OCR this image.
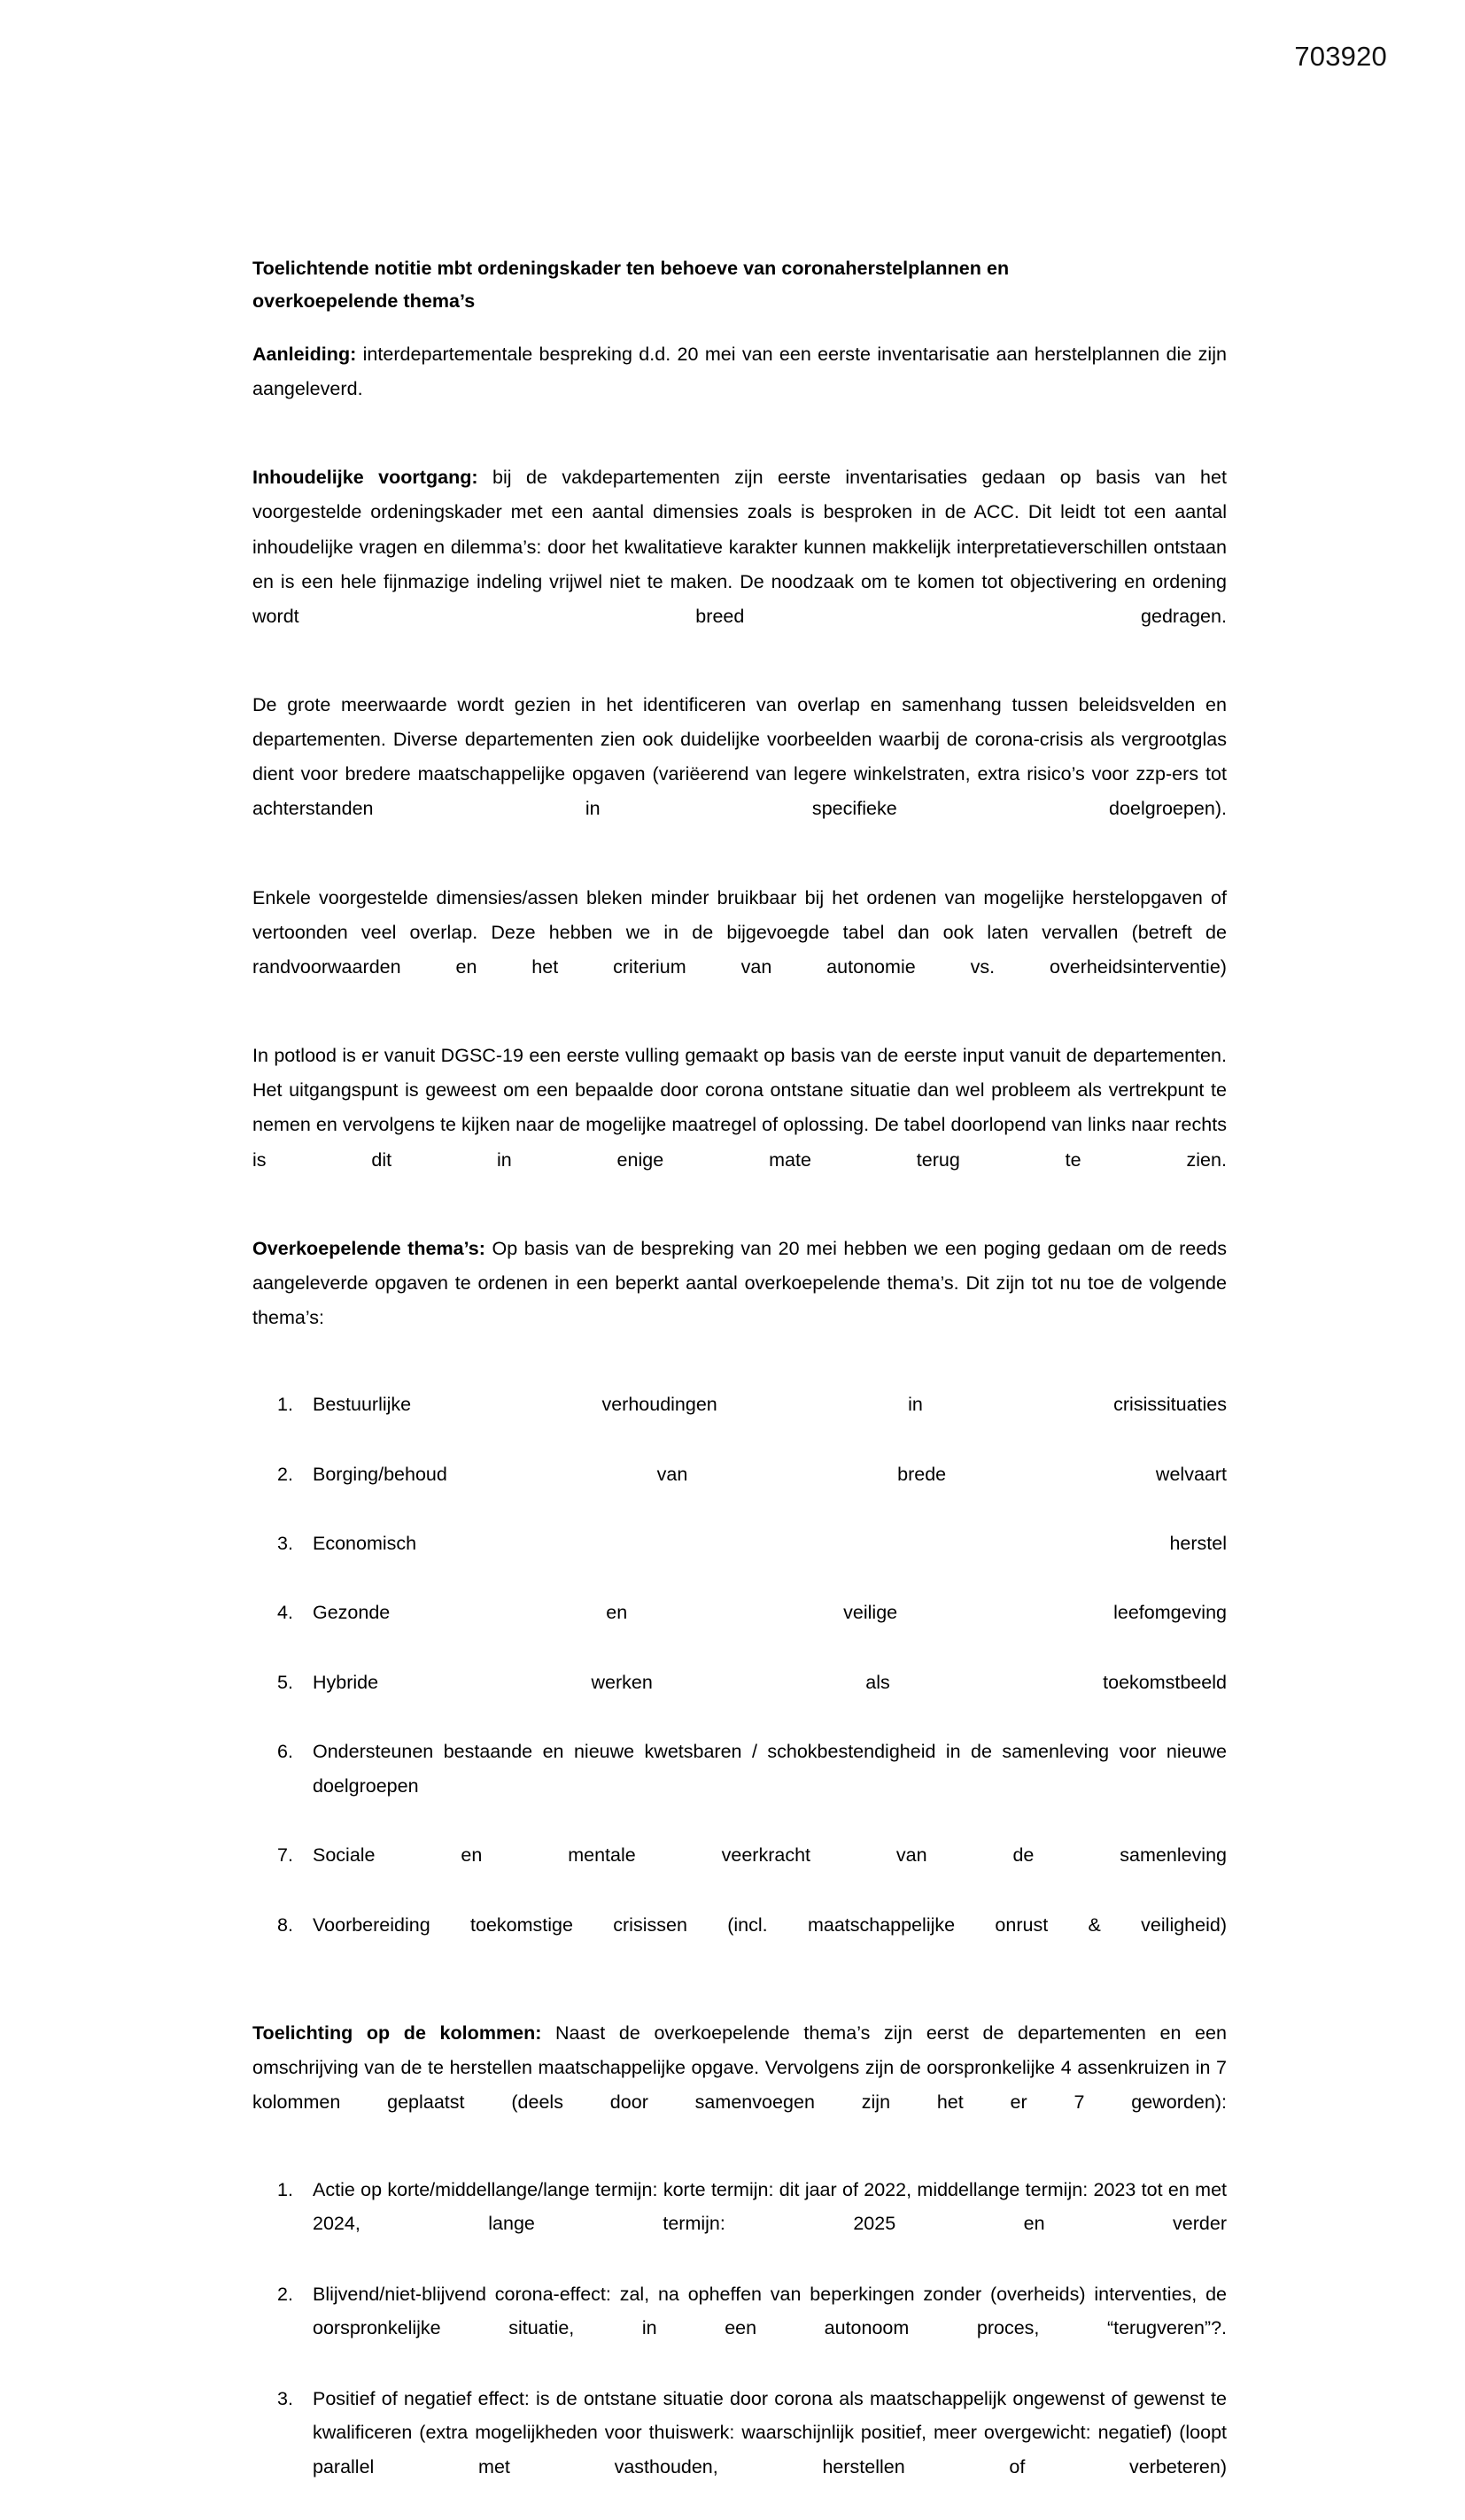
703920
Toelichtende notitie mbt ordeningskader ten behoeve van coronaherstelplannen en
overkoepelende thema’s

Aanleiding: interdepartementale bespreking d.d. 20 mei van een eerste inventarisatie aan herstelplannen die zijn aangeleverd.

Inhoudelijke voortgang: bij de vakdepartementen zijn eerste inventarisaties gedaan op basis van het voorgestelde ordeningskader met een aantal dimensies zoals is besproken in de ACC. Dit leidt tot een aantal inhoudelijke vragen en dilemma’s: door het kwalitatieve karakter kunnen makkelijk interpretatieverschillen ontstaan en is een hele fijnmazige indeling vrijwel niet te maken. De noodzaak om te komen tot objectivering en ordening wordt breed gedragen.

De grote meerwaarde wordt gezien in het identificeren van overlap en samenhang tussen beleidsvelden en departementen. Diverse departementen zien ook duidelijke voorbeelden waarbij de corona-crisis als vergrootglas dient voor bredere maatschappelijke opgaven (variëerend van legere winkelstraten, extra risico’s voor zzp-ers tot achterstanden in specifieke doelgroepen).

Enkele voorgestelde dimensies/assen bleken minder bruikbaar bij het ordenen van mogelijke herstelopgaven of vertoonden veel overlap. Deze hebben we in de bijgevoegde tabel dan ook laten vervallen (betreft de randvoorwaarden en het criterium van autonomie vs. overheidsinterventie)

In potlood is er vanuit DGSC-19 een eerste vulling gemaakt op basis van de eerste input vanuit de departementen. Het uitgangspunt is geweest om een bepaalde door corona ontstane situatie dan wel probleem als vertrekpunt te nemen en vervolgens te kijken naar de mogelijke maatregel of oplossing. De tabel doorlopend van links naar rechts is dit in enige mate terug te zien.

Overkoepelende thema’s: Op basis van de bespreking van 20 mei hebben we een poging gedaan om de reeds aangeleverde opgaven te ordenen in een beperkt aantal overkoepelende thema’s. Dit zijn tot nu toe de volgende thema’s:

Bestuurlijke verhoudingen in crisissituaties
Borging/behoud van brede welvaart
Economisch herstel
Gezonde en veilige leefomgeving
Hybride werken als toekomstbeeld
Ondersteunen bestaande en nieuwe kwetsbaren / schokbestendigheid in de samenleving voor nieuwe doelgroepen
Sociale en mentale veerkracht van de samenleving
Voorbereiding toekomstige crisissen (incl. maatschappelijke onrust & veiligheid)

Toelichting op de kolommen: Naast de overkoepelende thema’s zijn eerst de departementen en een omschrijving van de te herstellen maatschappelijke opgave. Vervolgens zijn de oorspronkelijke 4 assenkruizen in 7 kolommen geplaatst (deels door samenvoegen zijn het er 7 geworden):

Actie op korte/middellange/lange termijn: korte termijn: dit jaar of 2022, middellange termijn: 2023 tot en met 2024, lange termijn: 2025 en verder
Blijvend/niet-blijvend corona-effect: zal, na opheffen van beperkingen zonder (overheids) interventies, de oorspronkelijke situatie, in een autonoom proces, “terugveren”?.
Positief of negatief effect: is de ontstane situatie door corona als maatschappelijk ongewenst of gewenst te kwalificeren (extra mogelijkheden voor thuiswerk: waarschijnlijk positief, meer overgewicht: negatief) (loopt parallel met vasthouden, herstellen of verbeteren)
